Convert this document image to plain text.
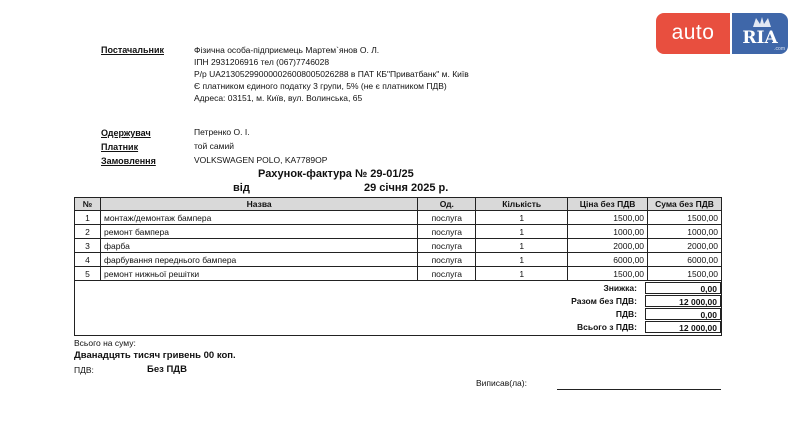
auto	RIA
.com
Постачальник	Фізична особа-підприємець Мартем`янов О. Л.
ІПН 2931206916 тел (067)7746028
Р/р UA213052990000026008005026288 в ПАТ КБ"Приватбанк" м. Київ
Є платником єдиного податку 3 групи, 5% (не є платником ПДВ)
Адреса: 03151, м. Київ, вул. Волинська, 65
Одержувач	Петренко О. І.
Платник	той самий
Замовлення	VOLKSWAGEN POLO, KA7789OP
Рахунок-фактура № 29-01/25
від	29 січня 2025 р.
№	Назва	Од.	Кількість	Ціна без ПДВ	Сума без ПДВ
1	монтаж/демонтаж бампера	послуга	1	1500,00	1500,00
2	ремонт бампера	послуга	1	1000,00	1000,00
3	фарба	послуга	1	2000,00	2000,00
4	фарбування переднього бампера	послуга	1	6000,00	6000,00
5	ремонт нижньої решітки	послуга	1	1500,00	1500,00
Знижка:	0,00
Разом без ПДВ:	12 000,00
ПДВ:	0,00
Всього з ПДВ:	12 000,00
Всього на суму:
Дванадцять тисяч гривень 00 коп.
ПДВ:	Без ПДВ
Виписав(ла):
